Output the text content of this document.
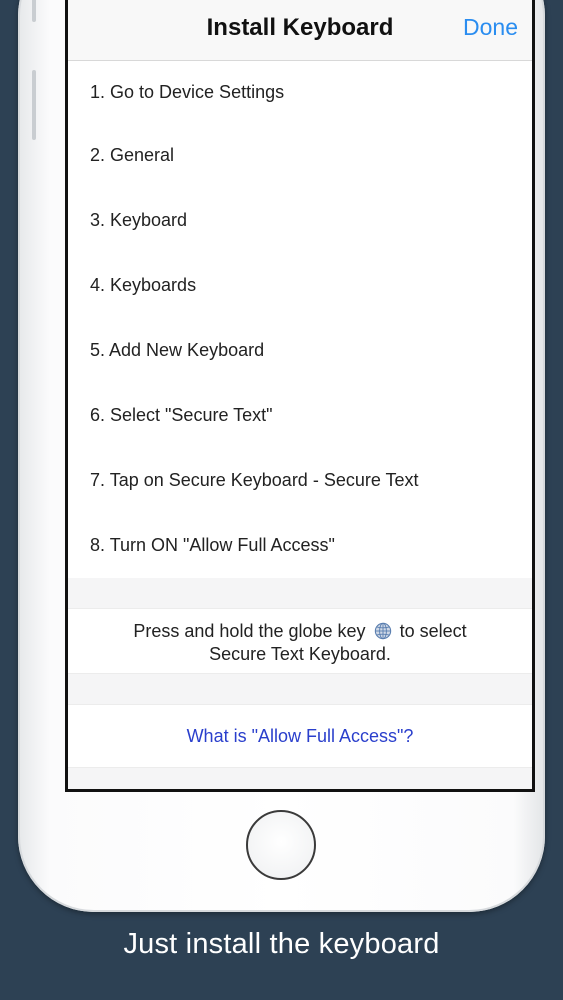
Install Keyboard	Done
1. Go to Device Settings
2. General
3. Keyboard
4. Keyboards
5. Add New Keyboard
6. Select "Secure Text"
7. Tap on Secure Keyboard - Secure Text
8. Turn ON "Allow Full Access"
Press and hold the globe key to select
Secure Text Keyboard.
What is "Allow Full Access"?
Just install the keyboard
